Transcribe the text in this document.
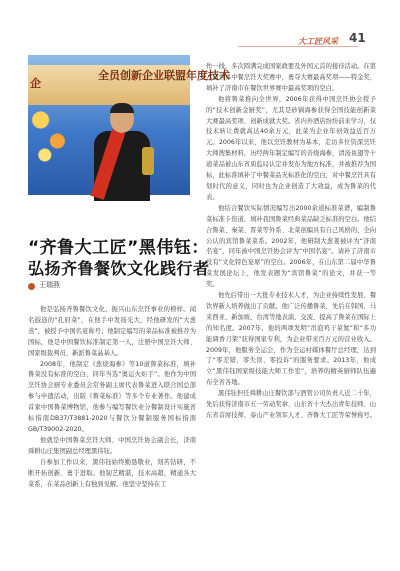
大工匠风采 41
企
全员创新企业联盟年度技术
“齐鲁大工匠”黑伟钰：
弘扬齐鲁餐饮文化践行者
王瑞燕

他是弘扬齐鲁餐饮文化、振兴山东烹饪事业的榜样。闻名遐迩的“孔府菜”，在他手中发扬光大，经他研发的“大葱蒸”，被授予中国名宴称号；他制定编写的菜品标准被推荐为国标，他是中国餐饮标准制定第一人，注册中国烹饪大师、国家级裁判员、新派鲁菜晶基人。

2008年，他制定《葱烧海参》等10道鲁菜标准，填补鲁菜没有标准的空白，同年当选“奥运火炬手”。他作为中国烹饪协会厨专业委员会常务副主席代表鲁菜进入联合国总部参与申遗活动，出版《鲁菜标准》等多个专业著作。他建成首家中国鲁菜博物馆，他参与编写餐饮业分餐制设计实施省标指南DB37/T3881-2020与餐饮分餐制服务国标指南GB/T39002-2020。

他就是中国鲁菜烹饪大师、中国烹饪协会副会长，济南舜耕山庄集团副总经理黑伟钰。

自参加工作以来，黑伟钰始终勤恳敬业，刻苦钻研，不断开拓创新、勇于进取。他韧艺精湛，技术高超，精通各大菜系，在菜品创新上有独到见解。他坚守坚持在工

作一线，多次圆满完成国家政要及外国元首的接待活动。在第六届世界中餐烹饪大奖赛中，勇夺大赛最高奖项——特金奖，填补了济南市在餐饮世界赛中最高奖项的空白。

他将鲁菜推向全世界，2006年获得中国烹饪协会授予的“技术创新金厨奖”，尤其是砂锅海参获得全国技能创新菜大赛最高奖项、创新成就大奖。省内外酒店纷纷前来学习，仅技术转让费就高达40余万元，此菜为企业年创效益近百万元。2006年以来，他以烹饪教材为基本，走访多位资深烹饪大师搜集材料，历经两年制定编写的善烧海参，清汤鱼翅等十道菜品被山东省质监局认定并发布为地方标准，并被推荐为国标，此标准填补了中餐菜品无标准化的空白，对中餐烹饪具有划时代的意义，同时也为企业创造了大效益，成为鲁菜的代表。

他结合餐饮实际情况编写出2000余道标准菜谱，编制鲁菜标准卡资道，填补我国鲁菜经典菜品缺乏标准的空白。他结合鲁菜、秦菜、晋菜等外系、北菜创编具有自己风格的、全向公认的宾馆鲁菜菜系。2002年，他研制大葱姜被评为“济南名宴”，同年被中国烹饪协会评为“中国名宴”。请补了济南市没有“文化特色宴席”的空白。2006年，在山东第二届中华鲁菜发展论坛上，他发表题为“宾馆鲁菜”的论文，并获一等奖。

他先后带出一大批专业技术人才，为企业持续性发展、餐饮界新人培养做出了贡献。他广泛传播鲁菜，先后在韩国、马来西亚、新加坡、台湾等地表演、交流、提高了鲁菜在国际上的知名度。2007年，他的两项发明“吊泡鸡干菜氮”和“多功能调香刀架”获得国家专利，为企业带来百万元的营业收入。2009年，他服务全运会，作为全运村媒体餐厅总经理，达到了“零差错、零失误、零投诉”的服务要求。2013年，他成立“黑伟钰国家级技能大师工作室”，培养的精英厨师队伍遍布全省各地。

黑伟钰担任舜耕山庄餐饮部与酒管公司负责人近二十年，先后获得济南市五一劳动奖章、山东省十大杰出青年技师、山东省首席技师、泰山产业领军人才、齐鲁大工匠等荣誉称号。
